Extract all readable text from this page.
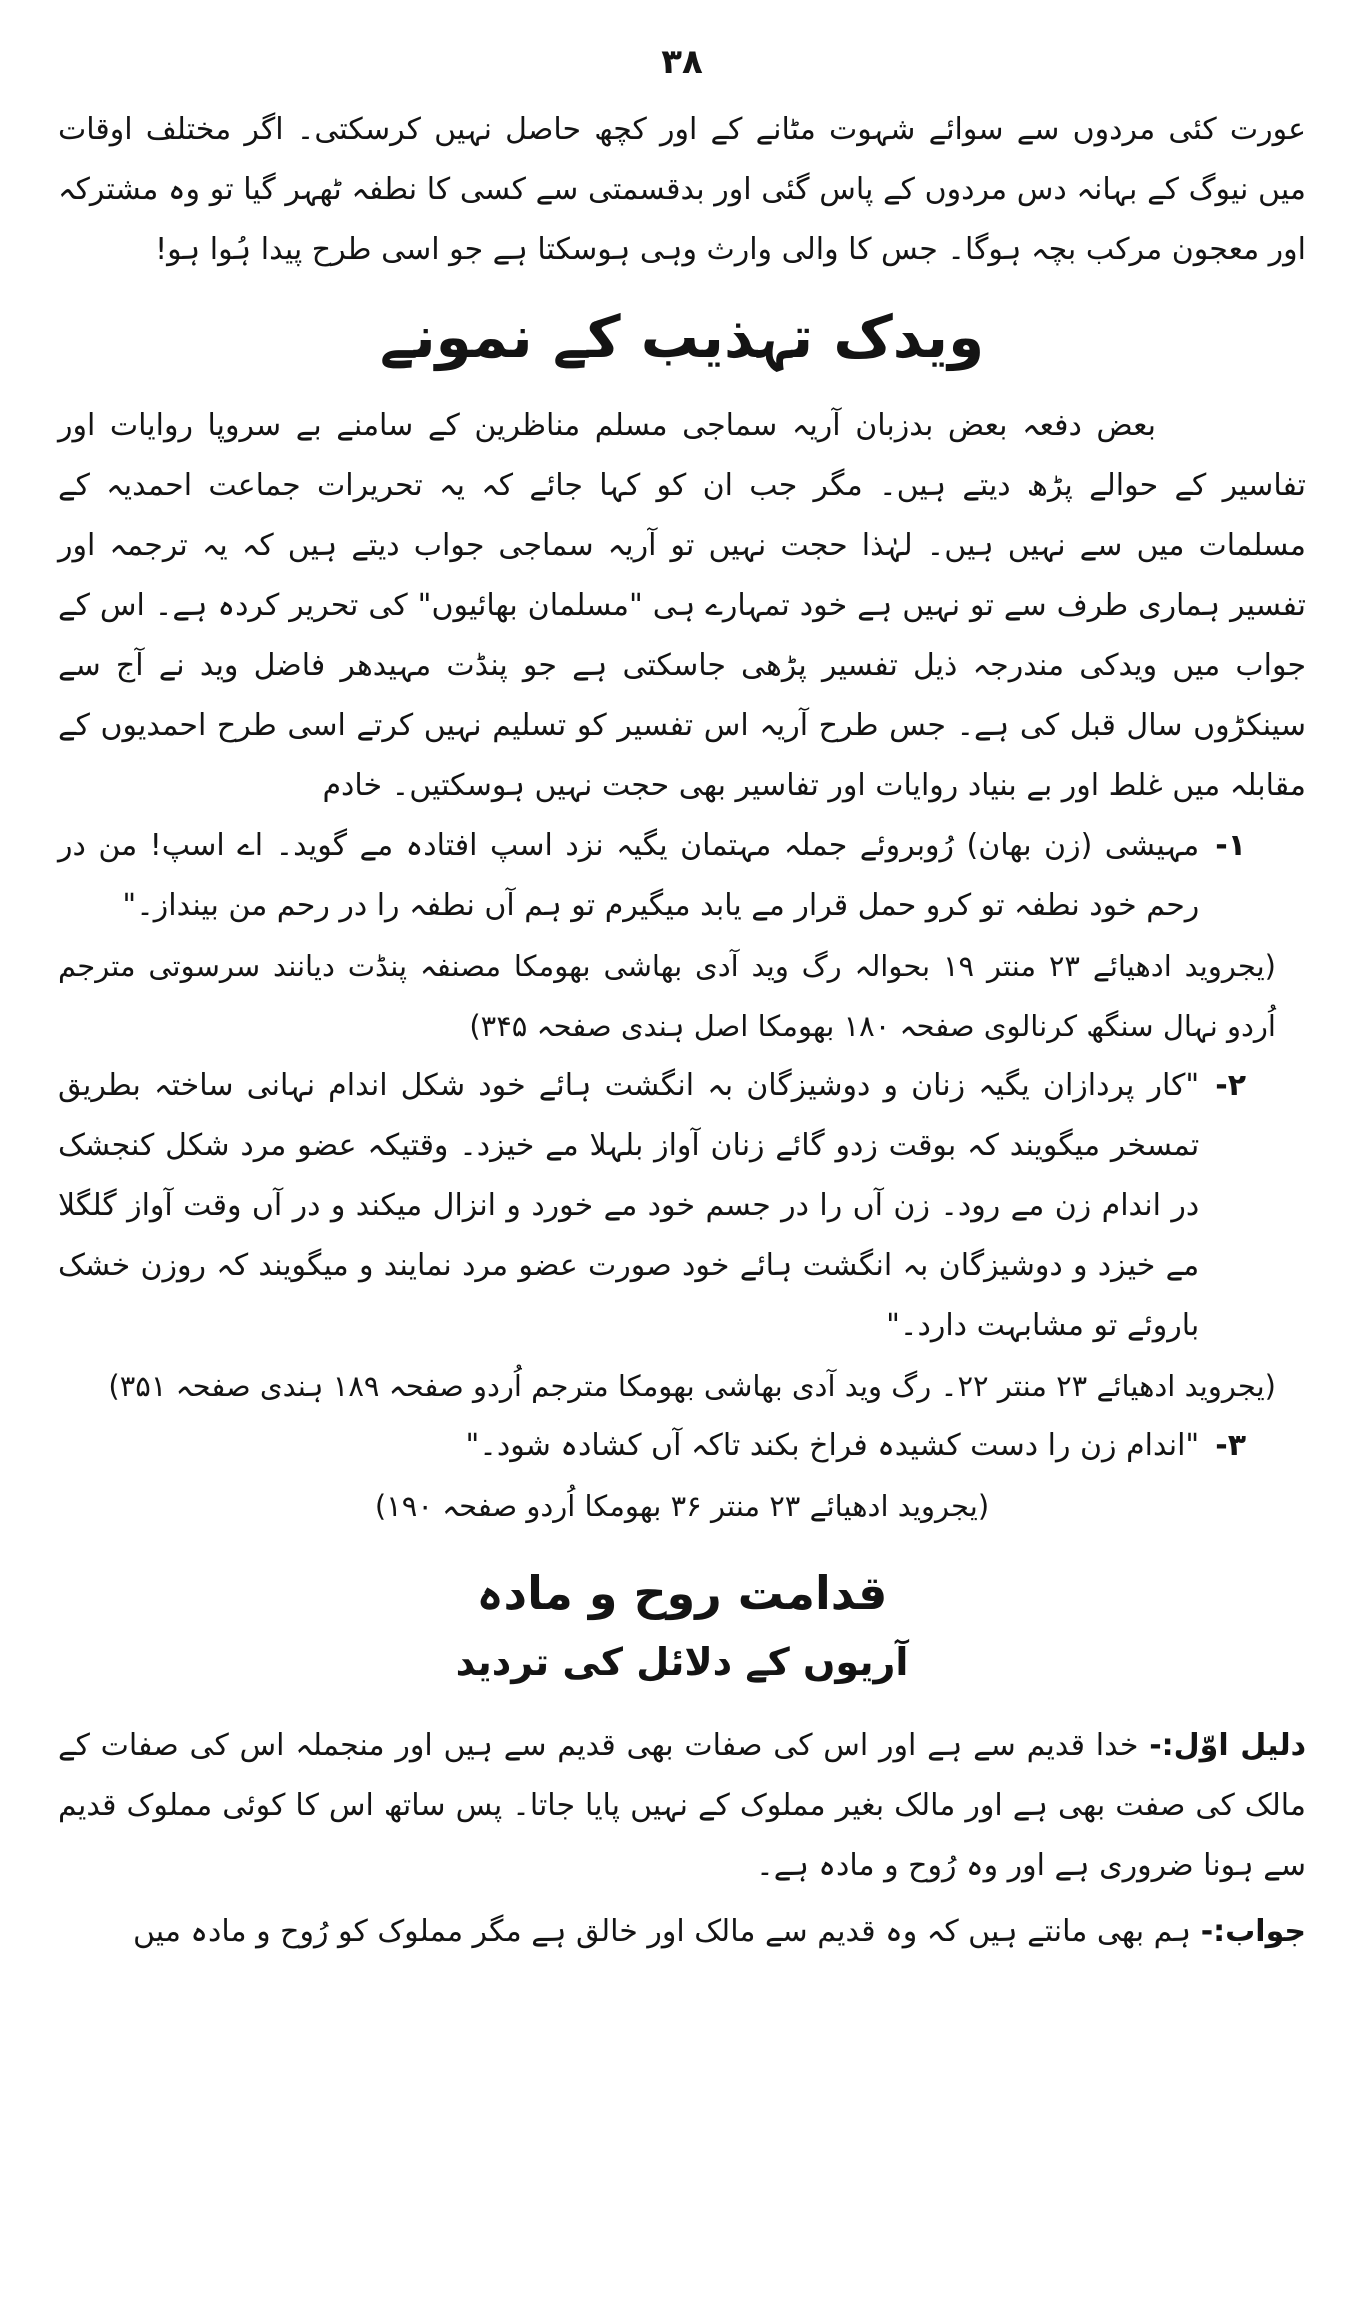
۳۸

عورت کئی مردوں سے سوائے شہوت مٹانے کے اور کچھ حاصل نہیں کرسکتی۔ اگر مختلف اوقات میں نیوگ کے بہانہ دس مردوں کے پاس گئی اور بدقسمتی سے کسی کا نطفہ ٹھہر گیا تو وہ مشترکہ اور معجون مرکب بچہ ہوگا۔ جس کا والی وارث وہی ہوسکتا ہے جو اسی طرح پیدا ہُوا ہو!

ویدک تہذیب کے نمونے

بعض دفعہ بعض بدزبان آریہ سماجی مسلم مناظرین کے سامنے بے سروپا روایات اور تفاسیر کے حوالے پڑھ دیتے ہیں۔ مگر جب ان کو کہا جائے کہ یہ تحریرات جماعت احمدیہ کے مسلمات میں سے نہیں ہیں۔ لہٰذا حجت نہیں تو آریہ سماجی جواب دیتے ہیں کہ یہ ترجمہ اور تفسیر ہماری طرف سے تو نہیں ہے خود تمہارے ہی "مسلمان بھائیوں" کی تحریر کردہ ہے۔ اس کے جواب میں ویدکی مندرجہ ذیل تفسیر پڑھی جاسکتی ہے جو پنڈت مہیدھر فاضل وید نے آج سے سینکڑوں سال قبل کی ہے۔ جس طرح آریہ اس تفسیر کو تسلیم نہیں کرتے اسی طرح احمدیوں کے مقابلہ میں غلط اور بے بنیاد روایات اور تفاسیر بھی حجت نہیں ہوسکتیں۔ خادم

۱-
مہیشی (زن بھان) رُوبروئے جملہ مہتمان یگیہ نزد اسپ افتادہ مے گوید۔ اے اسپ! من در رحم خود نطفہ تو کرو حمل قرار مے یابد میگیرم تو ہم آں نطفہ را در رحم من بینداز۔"
(یجروید ادھیائے ۲۳ منتر ۱۹ بحوالہ رگ وید آدی بھاشی بھومکا مصنفہ پنڈت دیانند سرسوتی مترجم اُردو نہال سنگھ کرنالوی صفحہ ۱۸۰ بھومکا اصل ہندی صفحہ ۳۴۵)
۲-
"کار پردازان یگیہ زنان و دوشیزگان بہ انگشت ہائے خود شکل اندام نہانی ساختہ بطریق تمسخر میگویند کہ بوقت زدو گائے زنان آواز بلہلا مے خیزد۔ وقتیکہ عضو مرد شکل کنجشک در اندام زن مے رود۔ زن آں را در جسم خود مے خورد و انزال میکند و در آں وقت آواز گلگلا مے خیزد و دوشیزگان بہ انگشت ہائے خود صورت عضو مرد نمایند و میگویند کہ روزن خشک باروئے تو مشابہت دارد۔"
(یجروید ادھیائے ۲۳ منتر ۲۲۔ رگ وید آدی بھاشی بھومکا مترجم اُردو صفحہ ۱۸۹ ہندی صفحہ ۳۵۱)
۳-
"اندام زن را دست کشیدہ فراخ بکند تاکہ آں کشادہ شود۔"
(یجروید ادھیائے ۲۳ منتر ۳۶ بھومکا اُردو صفحہ ۱۹۰)
قدامت روح و مادہ
آریوں کے دلائل کی تردید

دلیل اوّل:- خدا قدیم سے ہے اور اس کی صفات بھی قدیم سے ہیں اور منجملہ اس کی صفات کے مالک کی صفت بھی ہے اور مالک بغیر مملوک کے نہیں پایا جاتا۔ پس ساتھ اس کا کوئی مملوک قدیم سے ہونا ضروری ہے اور وہ رُوح و مادہ ہے۔

جواب:- ہم بھی مانتے ہیں کہ وہ قدیم سے مالک اور خالق ہے مگر مملوک کو رُوح و مادہ میں
